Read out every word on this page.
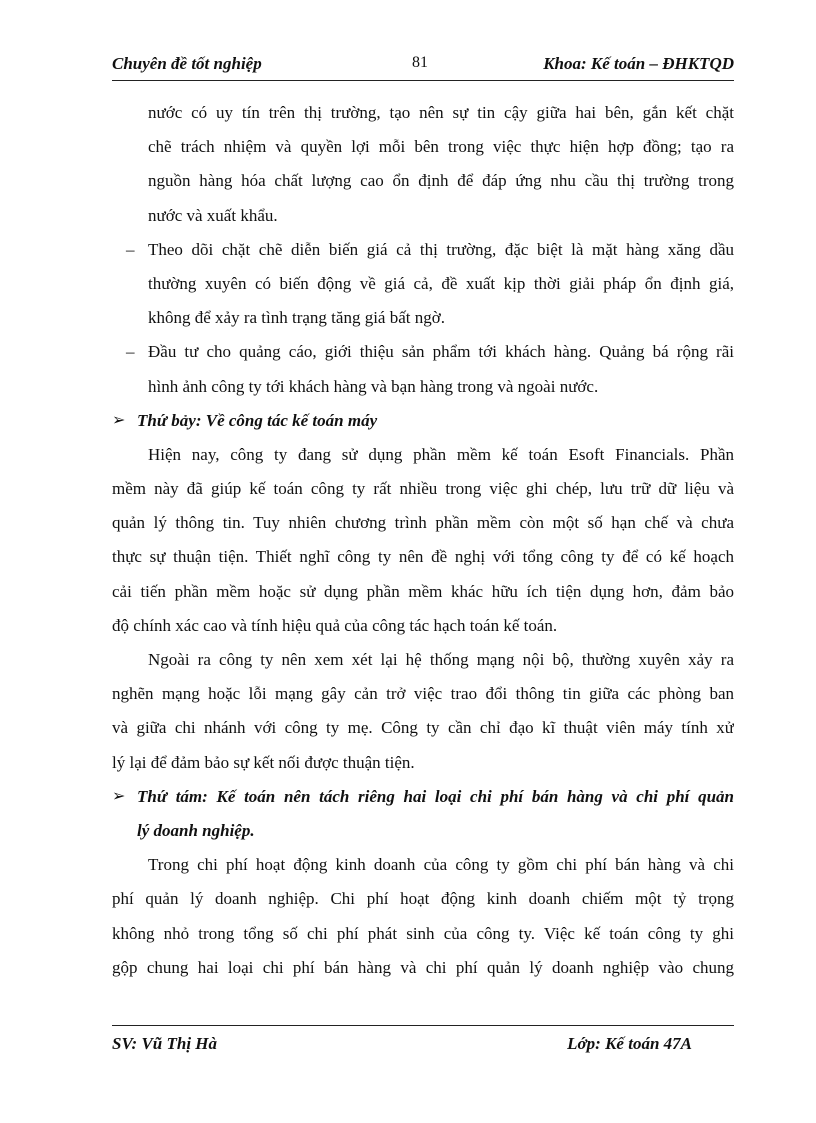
Chuyên đề tốt nghiệp	81	Khoa: Kế toán – ĐHKTQD
nước có uy tín trên thị trường, tạo nên sự tin cậy giữa hai bên, gắn kết chặt
chẽ trách nhiệm và quyền lợi mỗi bên trong việc thực hiện hợp đồng; tạo ra
nguồn hàng hóa chất lượng cao ổn định để đáp ứng nhu cầu thị trường trong
nước và xuất khẩu.
– Theo dõi chặt chẽ diễn biến giá cả thị trường, đặc biệt là mặt hàng xăng dầu
thường xuyên có biến động về giá cả, đề xuất kịp thời giải pháp ổn định giá,
không để xảy ra tình trạng tăng giá bất ngờ.
– Đầu tư cho quảng cáo, giới thiệu sản phẩm tới khách hàng. Quảng bá rộng rãi
hình ảnh công ty tới khách hàng và bạn hàng trong và ngoài nước.
➢ Thứ bảy: Về công tác kế toán máy
Hiện nay, công ty đang sử dụng phần mềm kế toán Esoft Financials. Phần
mềm này đã giúp kế toán công ty rất nhiều trong việc ghi chép, lưu trữ dữ liệu và
quản lý thông tin. Tuy nhiên chương trình phần mềm còn một số hạn chế và chưa
thực sự thuận tiện. Thiết nghĩ công ty nên đề nghị với tổng công ty để có kế hoạch
cải tiến phần mềm hoặc sử dụng phần mềm khác hữu ích tiện dụng hơn, đảm bảo
độ chính xác cao và tính hiệu quả của công tác hạch toán kế toán.
Ngoài ra công ty nên xem xét lại hệ thống mạng nội bộ, thường xuyên xảy ra
nghẽn mạng hoặc lỗi mạng gây cản trở việc trao đổi thông tin giữa các phòng ban
và giữa chi nhánh với công ty mẹ. Công ty cần chỉ đạo kĩ thuật viên máy tính xử
lý lại để đảm bảo sự kết nối được thuận tiện.
➢ Thứ tám: Kế toán nên tách riêng hai loại chi phí bán hàng và chi phí quản
lý doanh nghiệp.
Trong chi phí hoạt động kinh doanh của công ty gồm chi phí bán hàng và chi
phí quản lý doanh nghiệp. Chi phí hoạt động kinh doanh chiếm một tỷ trọng
không nhỏ trong tổng số chi phí phát sinh của công ty. Việc kế toán công ty ghi
gộp chung hai loại chi phí bán hàng và chi phí quản lý doanh nghiệp vào chung
SV: Vũ Thị Hà	Lớp: Kế toán 47A
